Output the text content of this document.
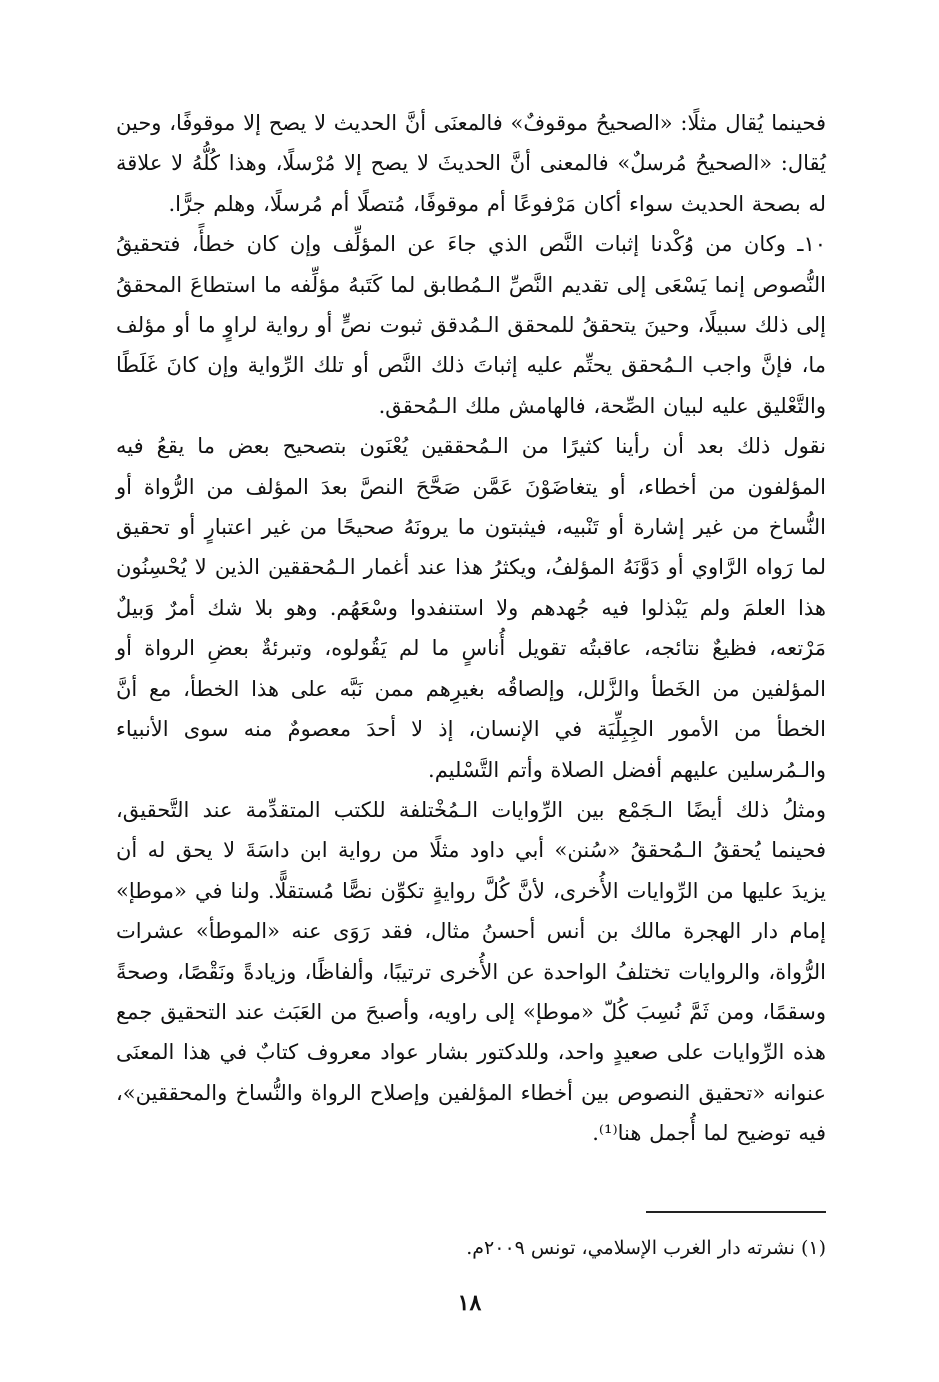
فحينما يُقال مثلًا: «الصحيحُ موقوفٌ» فالمعنَى أنَّ الحديث لا يصح إلا موقوفًا، وحين يُقال: «الصحيحُ مُرسلٌ» فالمعنى أنَّ الحديثَ لا يصح إلا مُرْسلًا، وهذا كُلُّهُ لا علاقة له بصحة الحديث سواء أكان مَرْفوعًا أم موقوفًا، مُتصلًا أم مُرسلًا، وهلم جرًّا.

١٠ـ وكان من وُكْدنا إثبات النَّص الذي جاءَ عن المؤلِّف وإن كان خطأً، فتحقيقُ النُّصوص إنما يَسْعَى إلى تقديم النَّصِّ الـمُطابق لما كَتَبهُ مؤلِّفه ما استطاعَ المحققُ إلى ذلك سبيلًا، وحينَ يتحققُ للمحقق الـمُدقق ثبوت نصٍّ أو رواية لراوٍ ما أو مؤلف ما، فإنَّ واجب الـمُحقق يحتِّم عليه إثباتَ ذلك النَّص أو تلك الرِّواية وإن كانَ غَلَطًا والتَّعْليق عليه لبيان الصِّحة، فالهامش ملك الـمُحقق.

نقول ذلك بعد أن رأينا كثيرًا من الـمُحققين يُعْنَون بتصحيح بعض ما يقعُ فيه المؤلفون من أخطاء، أو يتغاضَوْنَ عَمَّن صَحَّحَ النصَّ بعدَ المؤلف من الرُّواة أو النُّساخ من غير إشارة أو تَنْبيه، فيثبتون ما يرونَهُ صحيحًا من غير اعتبارٍ أو تحقيق لما رَواه الرَّاوي أو دَوَّنَهُ المؤلفُ، ويكثرُ هذا عند أغمار الـمُحققين الذين لا يُحْسِنُون هذا العلمَ ولم يَبْذلوا فيه جُهدهم ولا استنفدوا وسْعَهُم. وهو بلا شك أمرٌ وَبيلٌ مَرْتعه، فظيعٌ نتائجه، عاقبتُه تقويل أُناسٍ ما لم يَقُولوه، وتبرئةٌ بعضِ الرواة أو المؤلفين من الخَطأ والزَّلل، وإلصاقُه بغيرِهم ممن نَبَّه على هذا الخطأ، مع أنَّ الخطأ من الأمور الجِبِلِّيَة في الإنسان، إذ لا أحدَ معصومٌ منه سوى الأنبياء والـمُرسلين عليهم أفضل الصلاة وأتم التَّسْليم.

ومثلُ ذلك أيضًا الـجَمْع بين الرِّوايات الـمُخْتلفة للكتب المتقدِّمة عند التَّحقيق، فحينما يُحققُ الـمُحققُ «سُنن» أبي داود مثلًا من رواية ابن داسَةَ لا يحق له أن يزيدَ عليها من الرِّوايات الأُخرى، لأنَّ كُلَّ روايةٍ تكوِّن نصًّا مُستقلًّا. ولنا في «موطإ» إمام دار الهجرة مالك بن أنس أحسنُ مثال، فقد رَوَى عنه «الموطأ» عشرات الرُّواة، والروايات تختلفُ الواحدة عن الأُخرى ترتيبًا، وألفاظًا، وزيادةً ونَقْصًا، وصحةً وسقمًا، ومن ثَمَّ نُسِبَ كُلّ «موطإ» إلى راويه، وأصبحَ من العَبَث عند التحقيق جمع هذه الرِّوايات على صعيدٍ واحد، وللدكتور بشار عواد معروف كتابٌ في هذا المعنَى عنوانه «تحقيق النصوص بين أخطاء المؤلفين وإصلاح الرواة والنُّساخ والمحققين»، فيه توضيح لما أُجمل هنا⁽¹⁾.

(١) نشرته دار الغرب الإسلامي، تونس ٢٠٠٩م.
١٨
